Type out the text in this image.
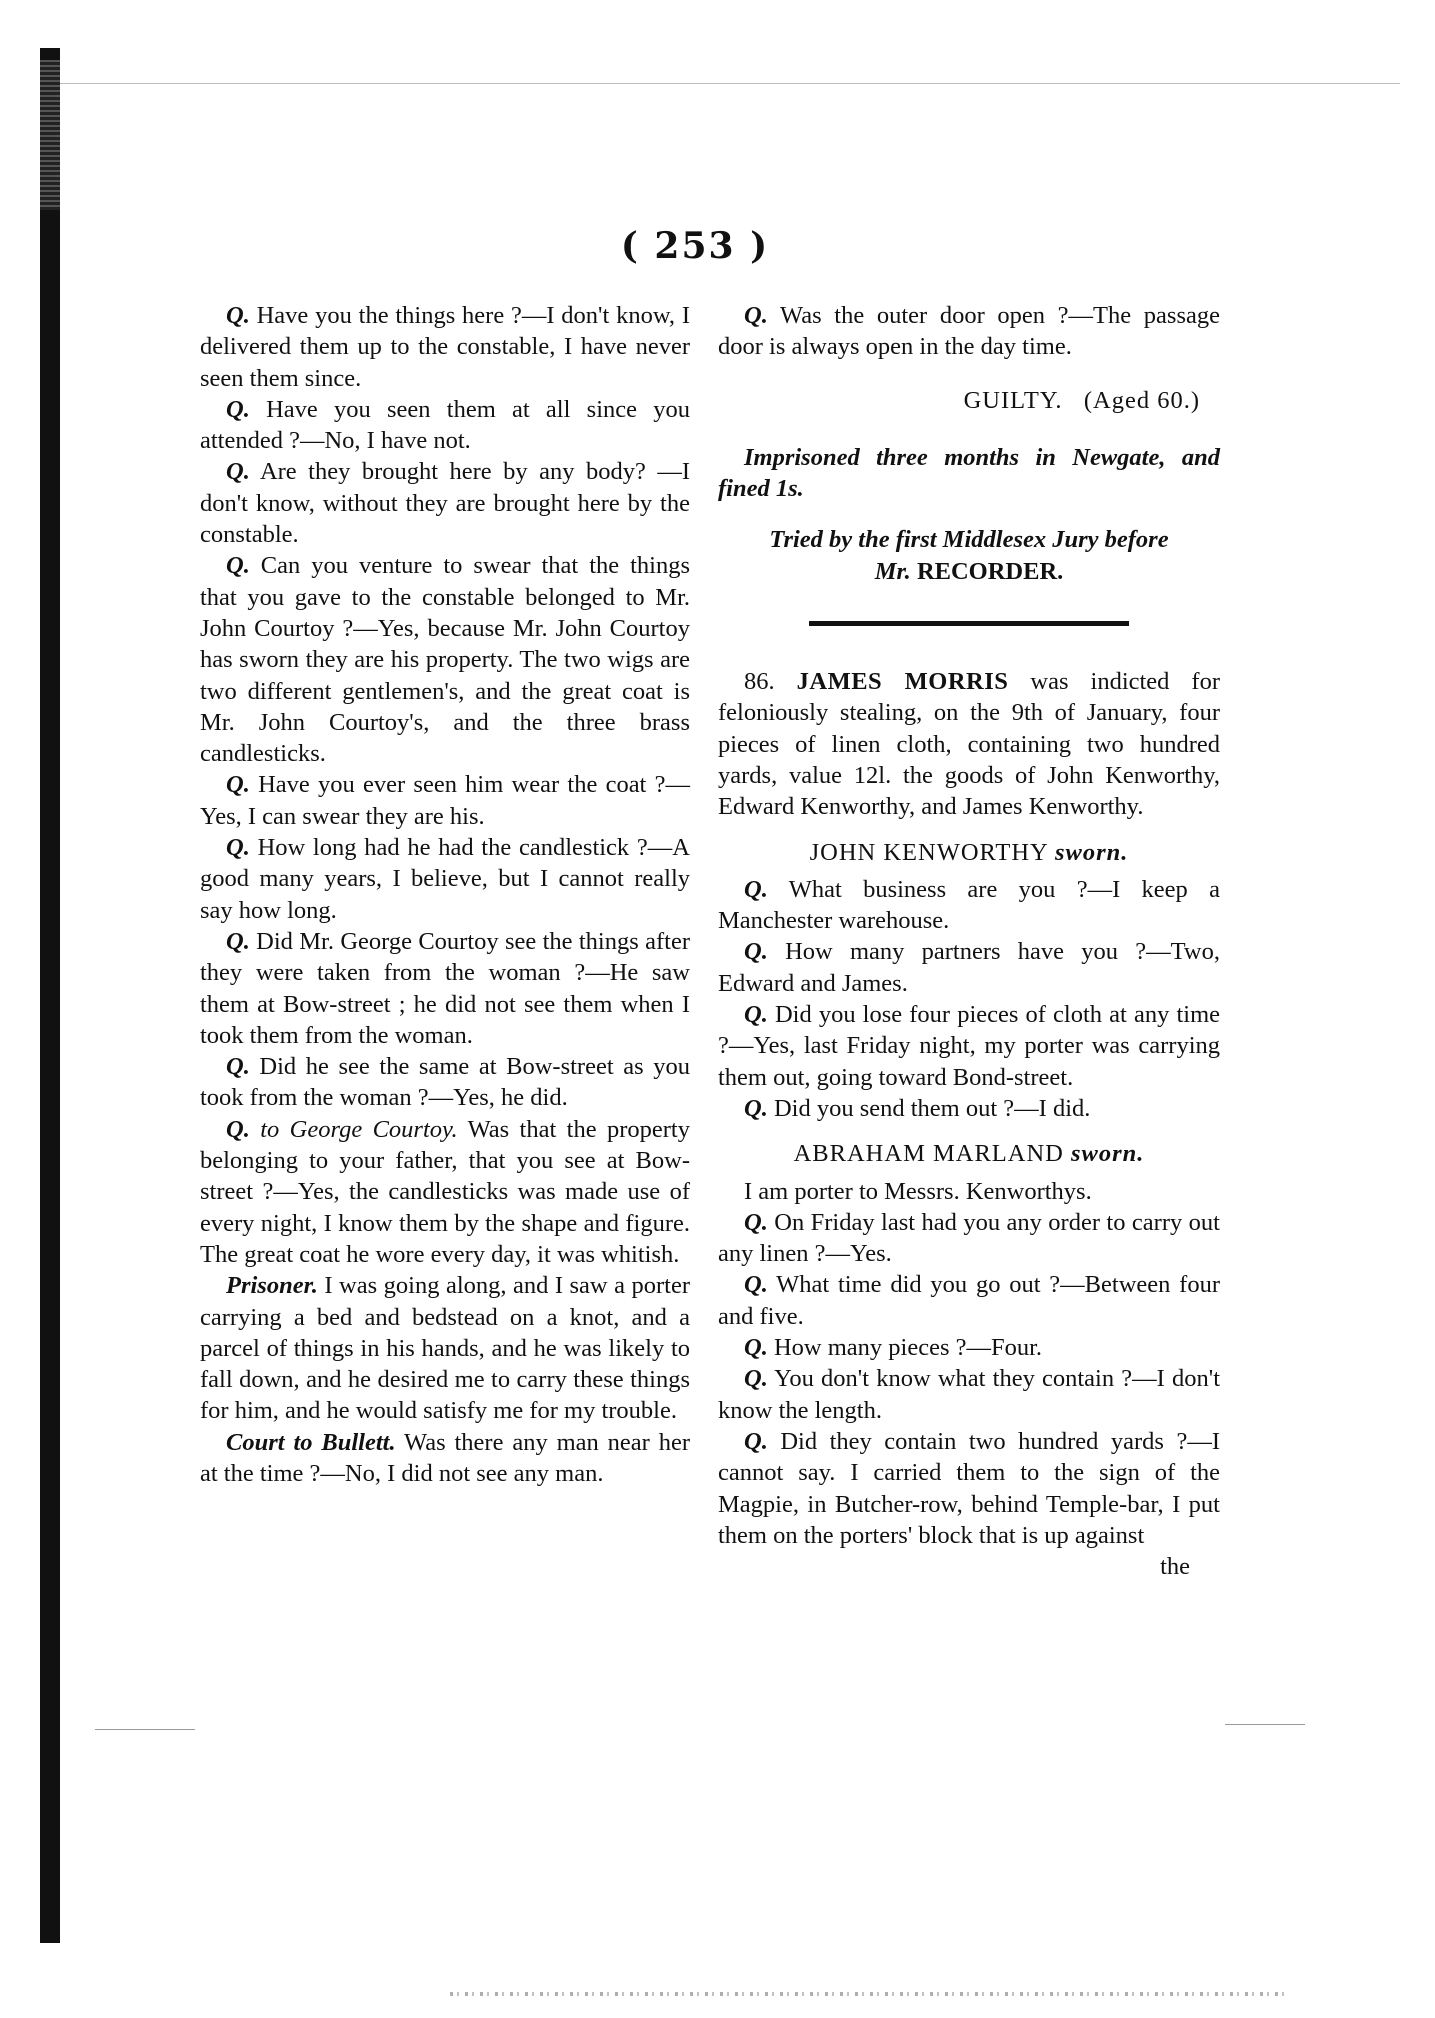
( 253 )

Q. Have you the things here ?—I don't know, I delivered them up to the constable, I have never seen them since.

Q. Have you seen them at all since you attended ?—No, I have not.

Q. Are they brought here by any body? —I don't know, without they are brought here by the constable.

Q. Can you venture to swear that the things that you gave to the constable belonged to Mr. John Courtoy ?—Yes, because Mr. John Courtoy has sworn they are his property. The two wigs are two different gentlemen's, and the great coat is Mr. John Courtoy's, and the three brass candlesticks.

Q. Have you ever seen him wear the coat ?—Yes, I can swear they are his.

Q. How long had he had the candlestick ?—A good many years, I believe, but I cannot really say how long.

Q. Did Mr. George Courtoy see the things after they were taken from the woman ?—He saw them at Bow-street ; he did not see them when I took them from the woman.

Q. Did he see the same at Bow-street as you took from the woman ?—Yes, he did.

Q. to George Courtoy. Was that the property belonging to your father, that you see at Bow-street ?—Yes, the candlesticks was made use of every night, I know them by the shape and figure. The great coat he wore every day, it was whitish.

Prisoner. I was going along, and I saw a porter carrying a bed and bedstead on a knot, and a parcel of things in his hands, and he was likely to fall down, and he desired me to carry these things for him, and he would satisfy me for my trouble.

Court to Bullett. Was there any man near her at the time ?—No, I did not see any man.

Q. Was the outer door open ?—The passage door is always open in the day time.

GUILTY. (Aged 60.)

Imprisoned three months in Newgate, and fined 1s.

Tried by the first Middlesex Jury before

Mr. RECORDER.

86. JAMES MORRIS was indicted for feloniously stealing, on the 9th of January, four pieces of linen cloth, containing two hundred yards, value 12l. the goods of John Kenworthy, Edward Kenworthy, and James Kenworthy.

JOHN KENWORTHY sworn.

Q. What business are you ?—I keep a Manchester warehouse.

Q. How many partners have you ?—Two, Edward and James.

Q. Did you lose four pieces of cloth at any time ?—Yes, last Friday night, my porter was carrying them out, going toward Bond-street.

Q. Did you send them out ?—I did.

ABRAHAM MARLAND sworn.

I am porter to Messrs. Kenworthys.

Q. On Friday last had you any order to carry out any linen ?—Yes.

Q. What time did you go out ?—Between four and five.

Q. How many pieces ?—Four.

Q. You don't know what they contain ?—I don't know the length.

Q. Did they contain two hundred yards ?—I cannot say. I carried them to the sign of the Magpie, in Butcher-row, behind Temple-bar, I put them on the porters' block that is up against

the
